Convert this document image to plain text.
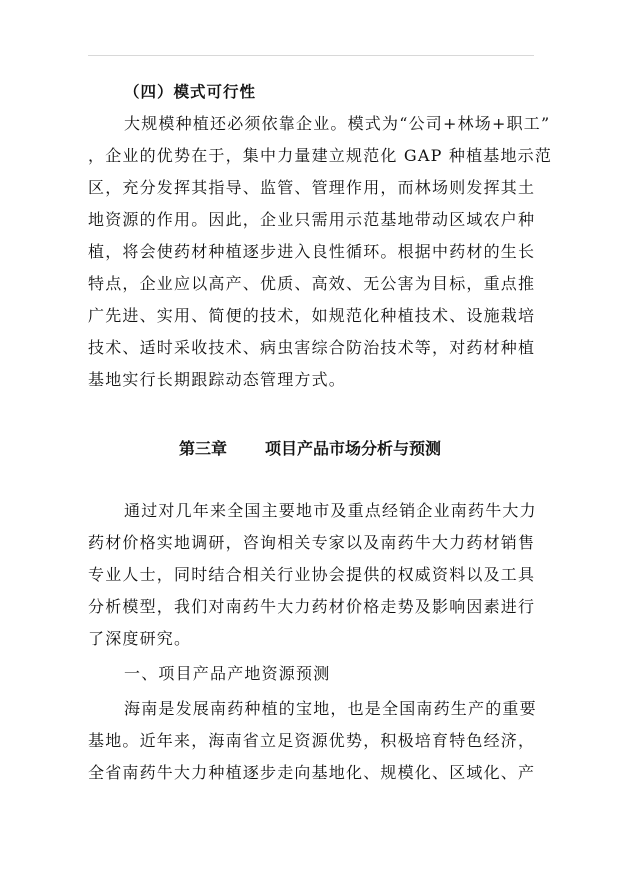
（四）模式可行性

大规模种植还必须依靠企业。模式为“公司+林场+职工”
，企业的优势在于，集中力量建立规范化 GAP 种植基地示范
区，充分发挥其指导、监管、管理作用，而林场则发挥其土
地资源的作用。因此，企业只需用示范基地带动区域农户种
植，将会使药材种植逐步进入良性循环。根据中药材的生长
特点，企业应以高产、优质、高效、无公害为目标，重点推
广先进、实用、简便的技术，如规范化种植技术、设施栽培
技术、适时采收技术、病虫害综合防治技术等，对药材种植
基地实行长期跟踪动态管理方式。

第三章 项目产品市场分析与预测

通过对几年来全国主要地市及重点经销企业南药牛大力
药材价格实地调研，咨询相关专家以及南药牛大力药材销售
专业人士，同时结合相关行业协会提供的权威资料以及工具
分析模型，我们对南药牛大力药材价格走势及影响因素进行
了深度研究。

一、项目产品产地资源预测

海南是发展南药种植的宝地，也是全国南药生产的重要
基地。近年来，海南省立足资源优势，积极培育特色经济，
全省南药牛大力种植逐步走向基地化、规模化、区域化、产
